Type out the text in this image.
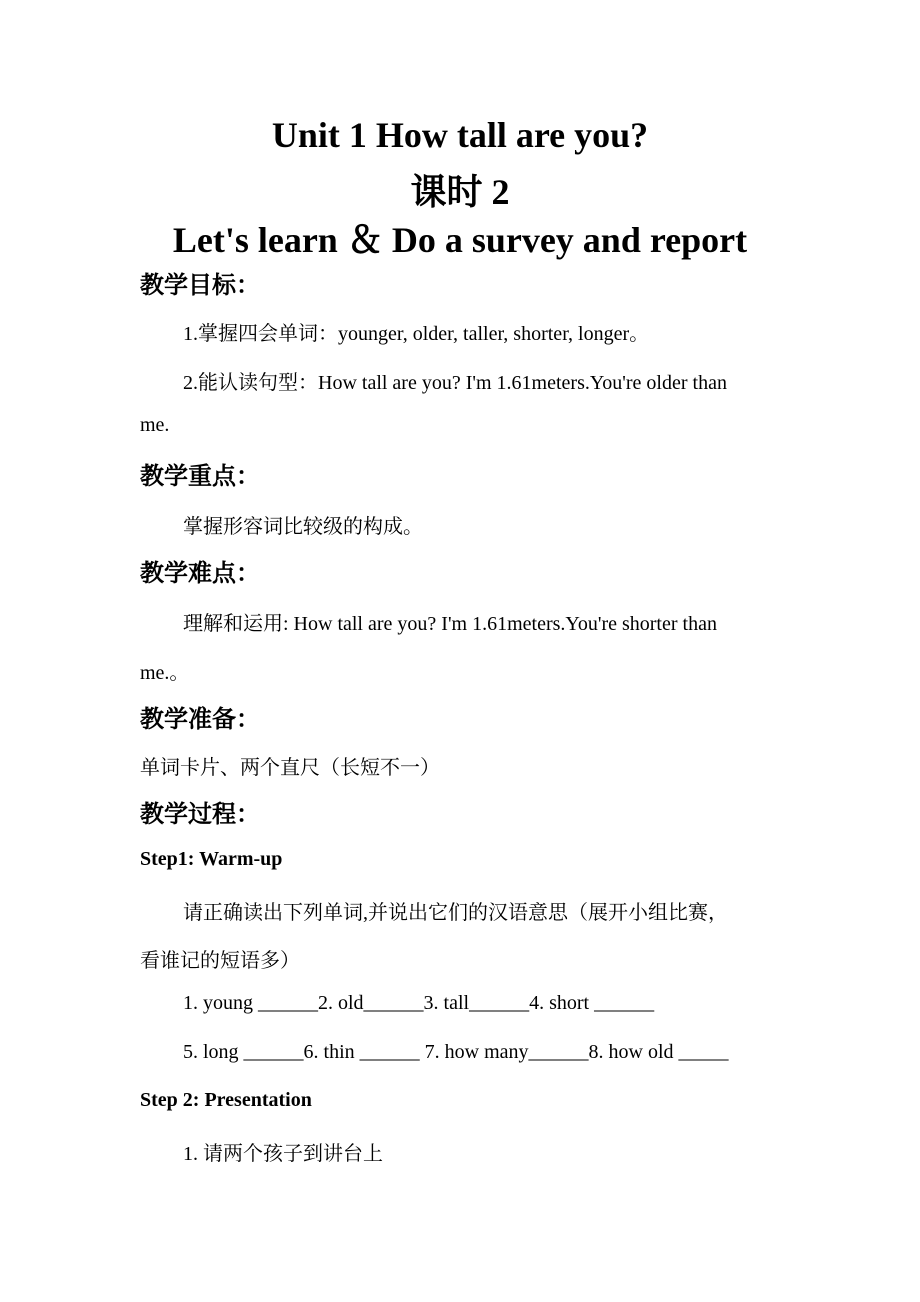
Unit 1 How tall are you?
课时 2
Let's learn ＆ Do a survey and report
教学目标：
1.掌握四会单词：younger, older, taller, shorter, longer。
2.能认读句型：How tall are you? I'm 1.61meters.You're older than
me.
教学重点：
掌握形容词比较级的构成。
教学难点：
理解和运用: How tall are you? I'm 1.61meters.You're shorter than
me.。
教学准备：
单词卡片、两个直尺（长短不一）
教学过程：
Step1: Warm-up
请正确读出下列单词,并说出它们的汉语意思（展开小组比赛，
看谁记的短语多）
1. young ______2. old______3. tall______4. short ______
5. long ______6. thin ______ 7. how many______8. how old _____
Step 2: Presentation
1. 请两个孩子到讲台上
